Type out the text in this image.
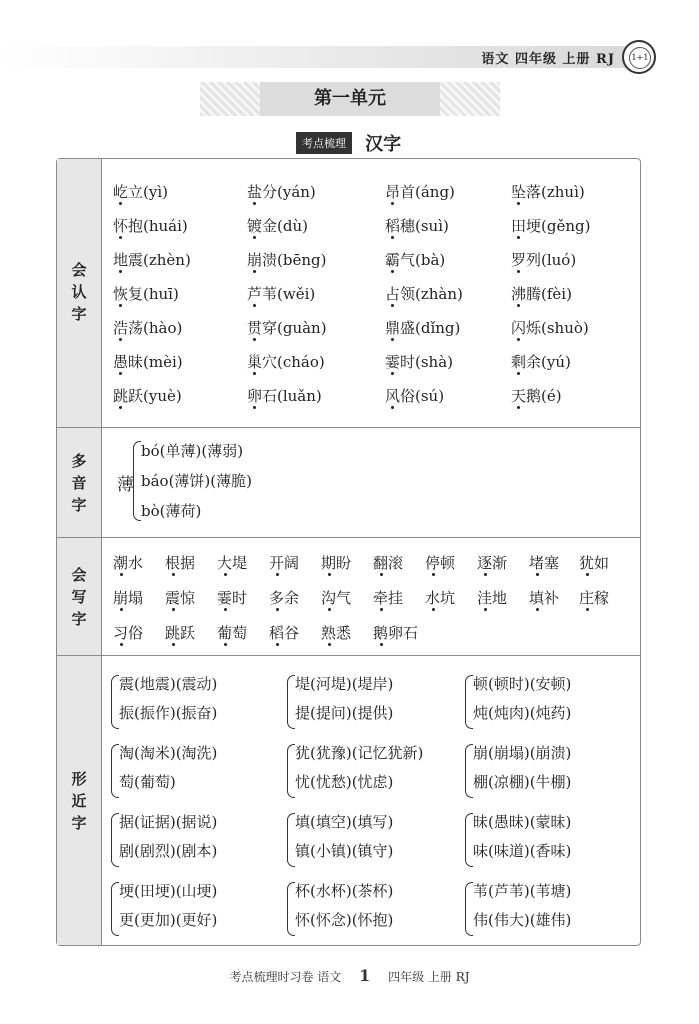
语文 四年级 上册 RJ	1+1
第一单元
考点梳理 汉字
会
认
字
多
音
字
会
写
字
形
近
字
薄
bó(单薄)(薄弱)
báo(薄饼)(薄脆)
bò(薄荷)
屹立(yì)	盐分(yán)	昂首(áng)	坠落(zhuì)
怀抱(huái)	镀金(dù)	稻穗(suì)	田埂(gěng)
地震(zhèn)	崩溃(bēng)	霸气(bà)	罗列(luó)
恢复(huī)	芦苇(wěi)	占领(zhàn)	沸腾(fèi)
浩荡(hào)	贯穿(guàn)	鼎盛(dǐng)	闪烁(shuò)
愚昧(mèi)	巢穴(cháo)	霎时(shà)	剩余(yú)
跳跃(yuè)	卵石(luǎn)	风俗(sú)	天鹅(é)
潮水 根据 大堤 开阔 期盼 翻滚 停顿 逐渐 堵塞 犹如
崩塌 震惊 霎时 多余 沟气 牵挂 水坑 洼地 填补 庄稼
习俗 跳跃 葡萄 稻谷 熟悉 鹅卵石
震(地震)(震动)
振(振作)(振奋)
堤(河堤)(堤岸)
提(提问)(提供)
顿(顿时)(安顿)
炖(炖肉)(炖药)
淘(淘米)(淘洗)
萄(葡萄)
犹(犹豫)(记忆犹新)
忧(忧愁)(忧虑)
崩(崩塌)(崩溃)
棚(凉棚)(牛棚)
据(证据)(据说)
剧(剧烈)(剧本)
填(填空)(填写)
镇(小镇)(镇守)
昧(愚昧)(蒙昧)
味(味道)(香味)
埂(田埂)(山埂)
更(更加)(更好)
杯(水杯)(茶杯)
怀(怀念)(怀抱)
苇(芦苇)(苇塘)
伟(伟大)(雄伟)
考点梳理时习卷 语文 1 四年级 上册 RJ
